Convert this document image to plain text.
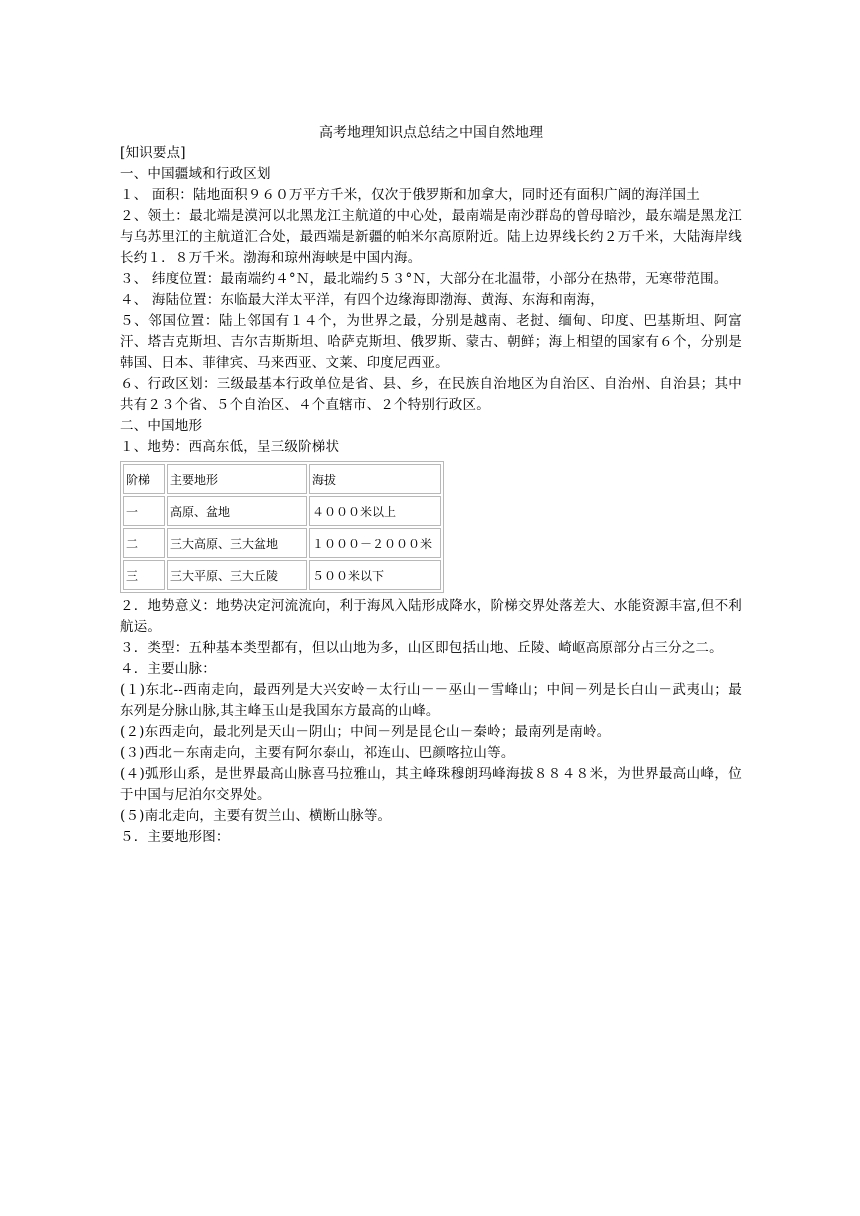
高考地理知识点总结之中国自然地理

[知识要点]

一、中国疆域和行政区划

１、 面积：陆地面积９６０万平方千米，仅次于俄罗斯和加拿大，同时还有面积广阔的海洋国土

２、领土：最北端是漠河以北黑龙江主航道的中心处，最南端是南沙群岛的曾母暗沙，最东端是黑龙江与乌苏里江的主航道汇合处，最西端是新疆的帕米尔高原附近。陆上边界线长约２万千米，大陆海岸线长约１．８万千米。渤海和琼州海峡是中国内海。

３、 纬度位置：最南端约４°Ｎ，最北端约５３°Ｎ，大部分在北温带，小部分在热带，无寒带范围。

４、 海陆位置：东临最大洋太平洋，有四个边缘海即渤海、黄海、东海和南海，

５、邻国位置：陆上邻国有１４个，为世界之最，分别是越南、老挝、缅甸、印度、巴基斯坦、阿富汗、塔吉克斯坦、吉尔吉斯斯坦、哈萨克斯坦、俄罗斯、蒙古、朝鲜；海上相望的国家有６个，分别是韩国、日本、菲律宾、马来西亚、文莱、印度尼西亚。

６、行政区划：三级最基本行政单位是省、县、乡，在民族自治地区为自治区、自治州、自治县；其中共有２３个省、５个自治区、４个直辖市、２个特别行政区。

二、中国地形

１、地势：西高东低，呈三级阶梯状

阶梯	主要地形	海拔
一	高原、盆地	４０００米以上
二	三大高原、三大盆地	１０００－２０００米
三	三大平原、三大丘陵	５００米以下

２．地势意义：地势决定河流流向，利于海风入陆形成降水，阶梯交界处落差大、水能资源丰富,但不利航运。

３．类型：五种基本类型都有，但以山地为多，山区即包括山地、丘陵、崎岖高原部分占三分之二。

４．主要山脉：

(１)东北--西南走向，最西列是大兴安岭－太行山－－巫山－雪峰山；中间－列是长白山－武夷山；最东列是分脉山脉,其主峰玉山是我国东方最高的山峰。

(２)东西走向，最北列是天山－阴山；中间－列是昆仑山－秦岭；最南列是南岭。

(３)西北－东南走向，主要有阿尔泰山，祁连山、巴颜喀拉山等。

(４)弧形山系，是世界最高山脉喜马拉雅山，其主峰珠穆朗玛峰海拔８８４８米，为世界最高山峰，位于中国与尼泊尔交界处。

(５)南北走向，主要有贺兰山、横断山脉等。

５．主要地形图：
